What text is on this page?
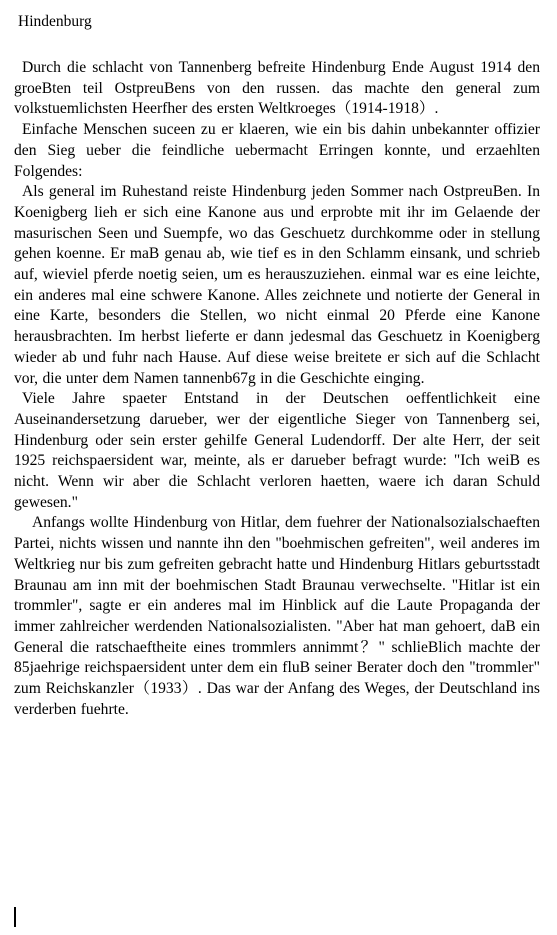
Hindenburg

Durch die schlacht von Tannenberg befreite Hindenburg Ende August 1914 den groeBten teil OstpreuBens von den russen. das machte den general zum volkstuemlichsten Heerfher des ersten Weltkroeges（1914-1918）.

Einfache Menschen suceen zu er klaeren, wie ein bis dahin unbekannter offizier den Sieg ueber die feindliche uebermacht Erringen konnte, und erzaehlten Folgendes:

Als general im Ruhestand reiste Hindenburg jeden Sommer nach OstpreuBen. In Koenigberg lieh er sich eine Kanone aus und erprobte mit ihr im Gelaende der masurischen Seen und Suempfe, wo das Geschuetz durchkomme oder in stellung gehen koenne. Er maB genau ab, wie tief es in den Schlamm einsank, und schrieb auf, wieviel pferde noetig seien, um es herauszuziehen. einmal war es eine leichte, ein anderes mal eine schwere Kanone. Alles zeichnete und notierte der General in eine Karte, besonders die Stellen, wo nicht einmal 20 Pferde eine Kanone herausbrachten. Im herbst lieferte er dann jedesmal das Geschuetz in Koenigberg wieder ab und fuhr nach Hause. Auf diese weise breitete er sich auf die Schlacht vor, die unter dem Namen tannenb67g in die Geschichte einging.

Viele Jahre spaeter Entstand in der Deutschen oeffentlichkeit eine Auseinandersetzung darueber, wer der eigentliche Sieger von Tannenberg sei, Hindenburg oder sein erster gehilfe General Ludendorff. Der alte Herr, der seit 1925 reichspaersident war, meinte, als er darueber befragt wurde: "Ich weiB es nicht. Wenn wir aber die Schlacht verloren haetten, waere ich daran Schuld gewesen."

Anfangs wollte Hindenburg von Hitlar, dem fuehrer der Nationalsozialschaeften Partei, nichts wissen und nannte ihn den "boehmischen gefreiten", weil anderes im Weltkrieg nur bis zum gefreiten gebracht hatte und Hindenburg Hitlars geburtsstadt Braunau am inn mit der boehmischen Stadt Braunau verwechselte. "Hitlar ist ein trommler", sagte er ein anderes mal im Hinblick auf die Laute Propaganda der immer zahlreicher werdenden Nationalsozialisten. "Aber hat man gehoert, daB ein General die ratschaeftheite eines trommlers annimmt？" schlieBlich machte der 85jaehrige reichspaersident unter dem ein fluB seiner Berater doch den "trommler" zum Reichskanzler（1933）. Das war der Anfang des Weges, der Deutschland ins verderben fuehrte.
